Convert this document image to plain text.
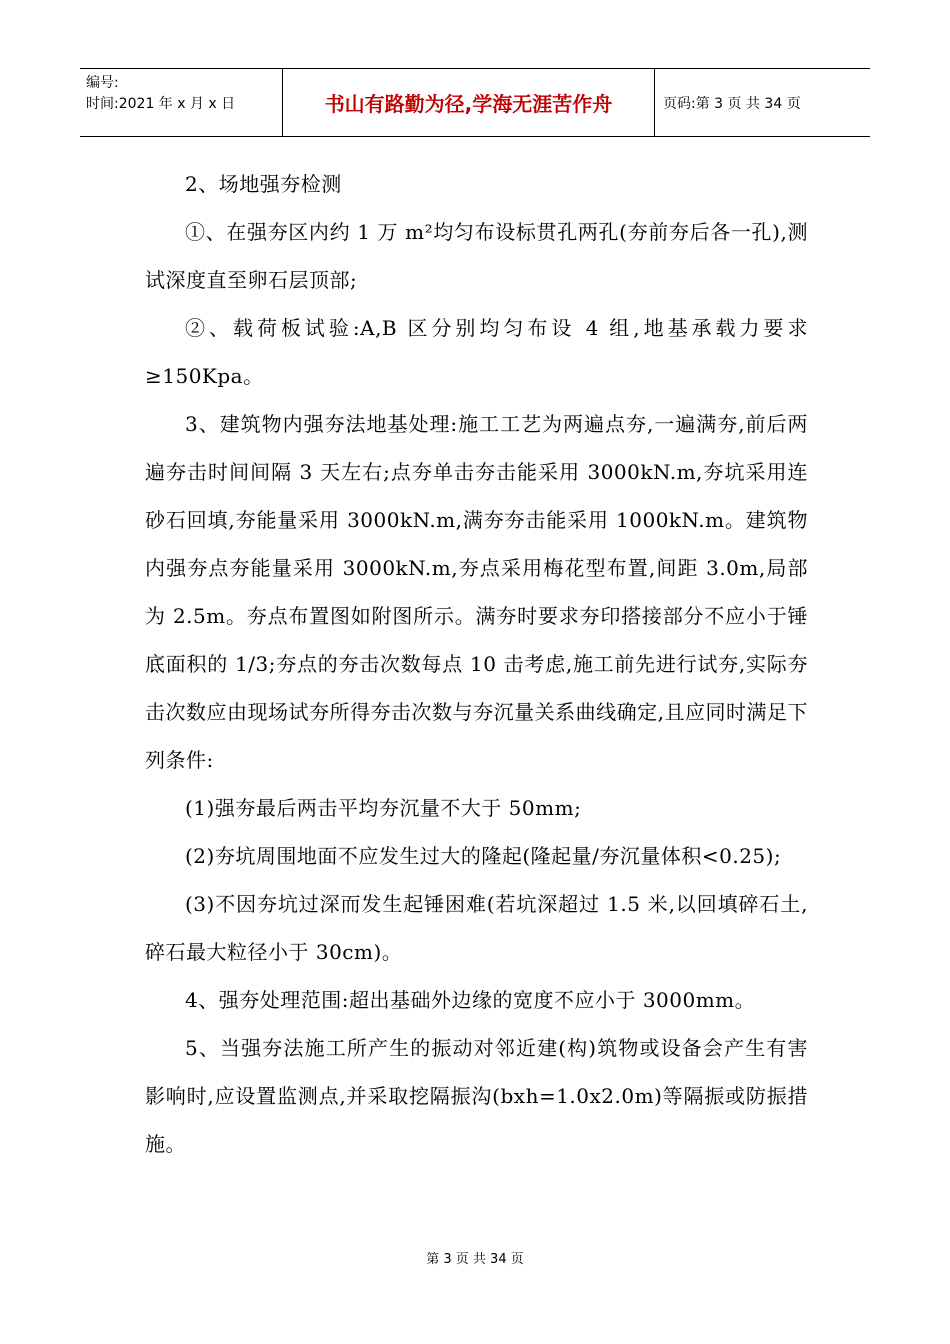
编号:
时间:2021 年 x 月 x 日	书山有路勤为径,学海无涯苦作舟	页码:第 3 页 共 34 页

2、场地强夯检测

①、在强夯区内约 1 万 m²均匀布设标贯孔两孔(夯前夯后各一孔),测试深度直至卵石层顶部;

②、载荷板试验:A,B 区分别均匀布设 4 组,地基承载力要求≥150Kpa。

3、建筑物内强夯法地基处理:施工工艺为两遍点夯,一遍满夯,前后两遍夯击时间间隔 3 天左右;点夯单击夯击能采用 3000kN.m,夯坑采用连砂石回填,夯能量采用 3000kN.m,满夯夯击能采用 1000kN.m。建筑物内强夯点夯能量采用 3000kN.m,夯点采用梅花型布置,间距 3.0m,局部为 2.5m。夯点布置图如附图所示。满夯时要求夯印搭接部分不应小于锤底面积的 1/3;夯点的夯击次数每点 10 击考虑,施工前先进行试夯,实际夯击次数应由现场试夯所得夯击次数与夯沉量关系曲线确定,且应同时满足下列条件:

(1)强夯最后两击平均夯沉量不大于 50mm;

(2)夯坑周围地面不应发生过大的隆起(隆起量/夯沉量体积<0.25);

(3)不因夯坑过深而发生起锤困难(若坑深超过 1.5 米,以回填碎石土,碎石最大粒径小于 30cm)。

4、强夯处理范围:超出基础外边缘的宽度不应小于 3000mm。

5、当强夯法施工所产生的振动对邻近建(构)筑物或设备会产生有害影响时,应设置监测点,并采取挖隔振沟(bxh=1.0x2.0m)等隔振或防振措施。

第 3 页 共 34 页
